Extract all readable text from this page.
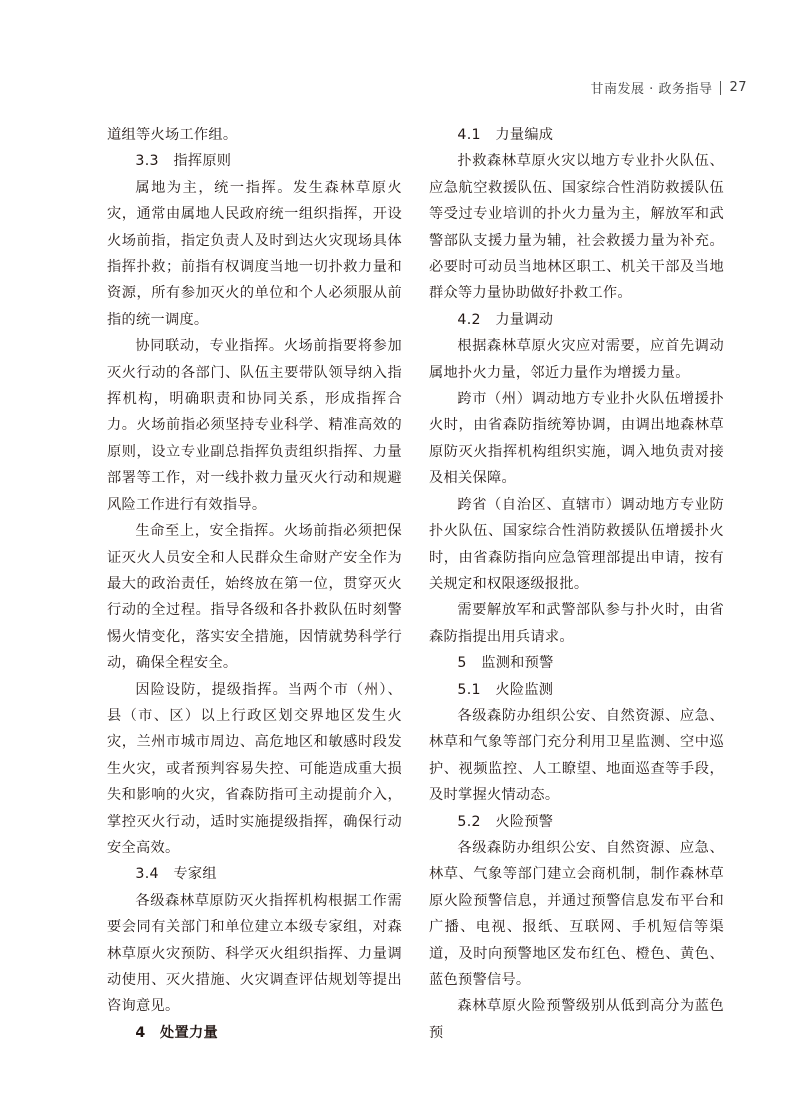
甘南发展 · 政务指导 27

道组等火场工作组。

3.3　指挥原则

属地为主，统一指挥。发生森林草原火灾，通常由属地人民政府统一组织指挥，开设火场前指，指定负责人及时到达火灾现场具体指挥扑救；前指有权调度当地一切扑救力量和资源，所有参加灭火的单位和个人必须服从前指的统一调度。

协同联动，专业指挥。火场前指要将参加灭火行动的各部门、队伍主要带队领导纳入指挥机构，明确职责和协同关系，形成指挥合力。火场前指必须坚持专业科学、精准高效的原则，设立专业副总指挥负责组织指挥、力量部署等工作，对一线扑救力量灭火行动和规避风险工作进行有效指导。

生命至上，安全指挥。火场前指必须把保证灭火人员安全和人民群众生命财产安全作为最大的政治责任，始终放在第一位，贯穿灭火行动的全过程。指导各级和各扑救队伍时刻警惕火情变化，落实安全措施，因情就势科学行动，确保全程安全。

因险设防，提级指挥。当两个市（州）、县（市、区）以上行政区划交界地区发生火灾，兰州市城市周边、高危地区和敏感时段发生火灾，或者预判容易失控、可能造成重大损失和影响的火灾，省森防指可主动提前介入，掌控灭火行动，适时实施提级指挥，确保行动安全高效。

3.4　专家组

各级森林草原防灭火指挥机构根据工作需要会同有关部门和单位建立本级专家组，对森林草原火灾预防、科学灭火组织指挥、力量调动使用、灭火措施、火灾调查评估规划等提出咨询意见。

4　处置力量
4.1　力量编成

扑救森林草原火灾以地方专业扑火队伍、应急航空救援队伍、国家综合性消防救援队伍等受过专业培训的扑火力量为主，解放军和武警部队支援力量为辅，社会救援力量为补充。必要时可动员当地林区职工、机关干部及当地群众等力量协助做好扑救工作。

4.2　力量调动

根据森林草原火灾应对需要，应首先调动属地扑火力量，邻近力量作为增援力量。

跨市（州）调动地方专业扑火队伍增援扑火时，由省森防指统筹协调，由调出地森林草原防灭火指挥机构组织实施，调入地负责对接及相关保障。

跨省（自治区、直辖市）调动地方专业防扑火队伍、国家综合性消防救援队伍增援扑火时，由省森防指向应急管理部提出申请，按有关规定和权限逐级报批。

需要解放军和武警部队参与扑火时，由省森防指提出用兵请求。

5　监测和预警
5.1　火险监测

各级森防办组织公安、自然资源、应急、林草和气象等部门充分利用卫星监测、空中巡护、视频监控、人工瞭望、地面巡查等手段，及时掌握火情动态。

5.2　火险预警

各级森防办组织公安、自然资源、应急、林草、气象等部门建立会商机制，制作森林草原火险预警信息，并通过预警信息发布平台和广播、电视、报纸、互联网、手机短信等渠道，及时向预警地区发布红色、橙色、黄色、蓝色预警信号。

森林草原火险预警级别从低到高分为蓝色预
